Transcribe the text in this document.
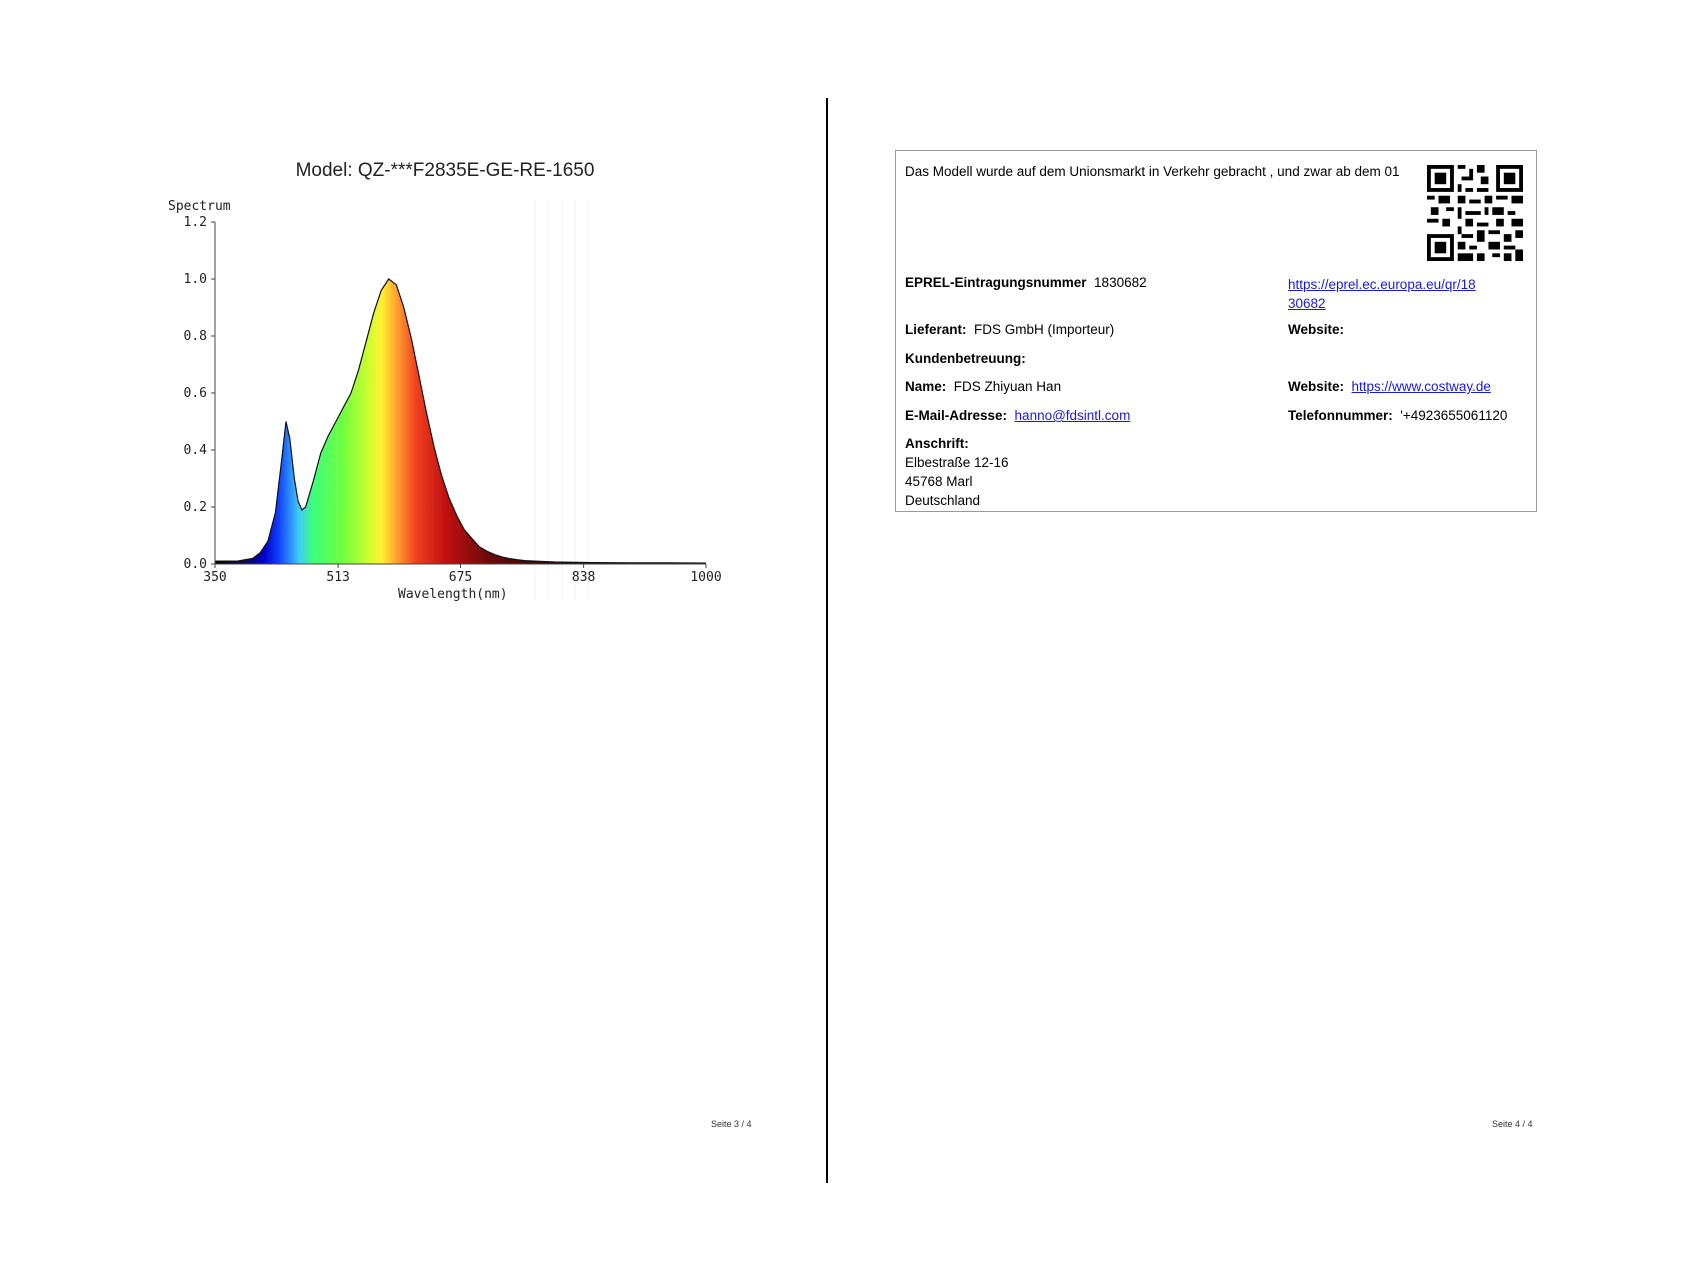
Model: QZ-***F2835E-GE-RE-1650
0.0
0.2
0.4
0.6
0.8
1.0
1.2
350	513	675	838	1000
Spectrum
Wavelength(nm)
Seite 3 / 4
Das Modell wurde auf dem Unionsmarkt in Verkehr gebracht , und zwar ab dem 01
EPREL-Eintragungsnummer 1830682	https://eprel.ec.europa.eu/qr/18
30682
Lieferant: FDS GmbH (Importeur)	Website:
Kundenbetreuung:
Name: FDS Zhiyuan Han	Website: https://www.costway.de
E-Mail-Adresse: hanno@fdsintl.com	Telefonnummer: '+4923655061120
Anschrift:
Elbestraße 12-16
45768 Marl
Deutschland
Seite 4 / 4
